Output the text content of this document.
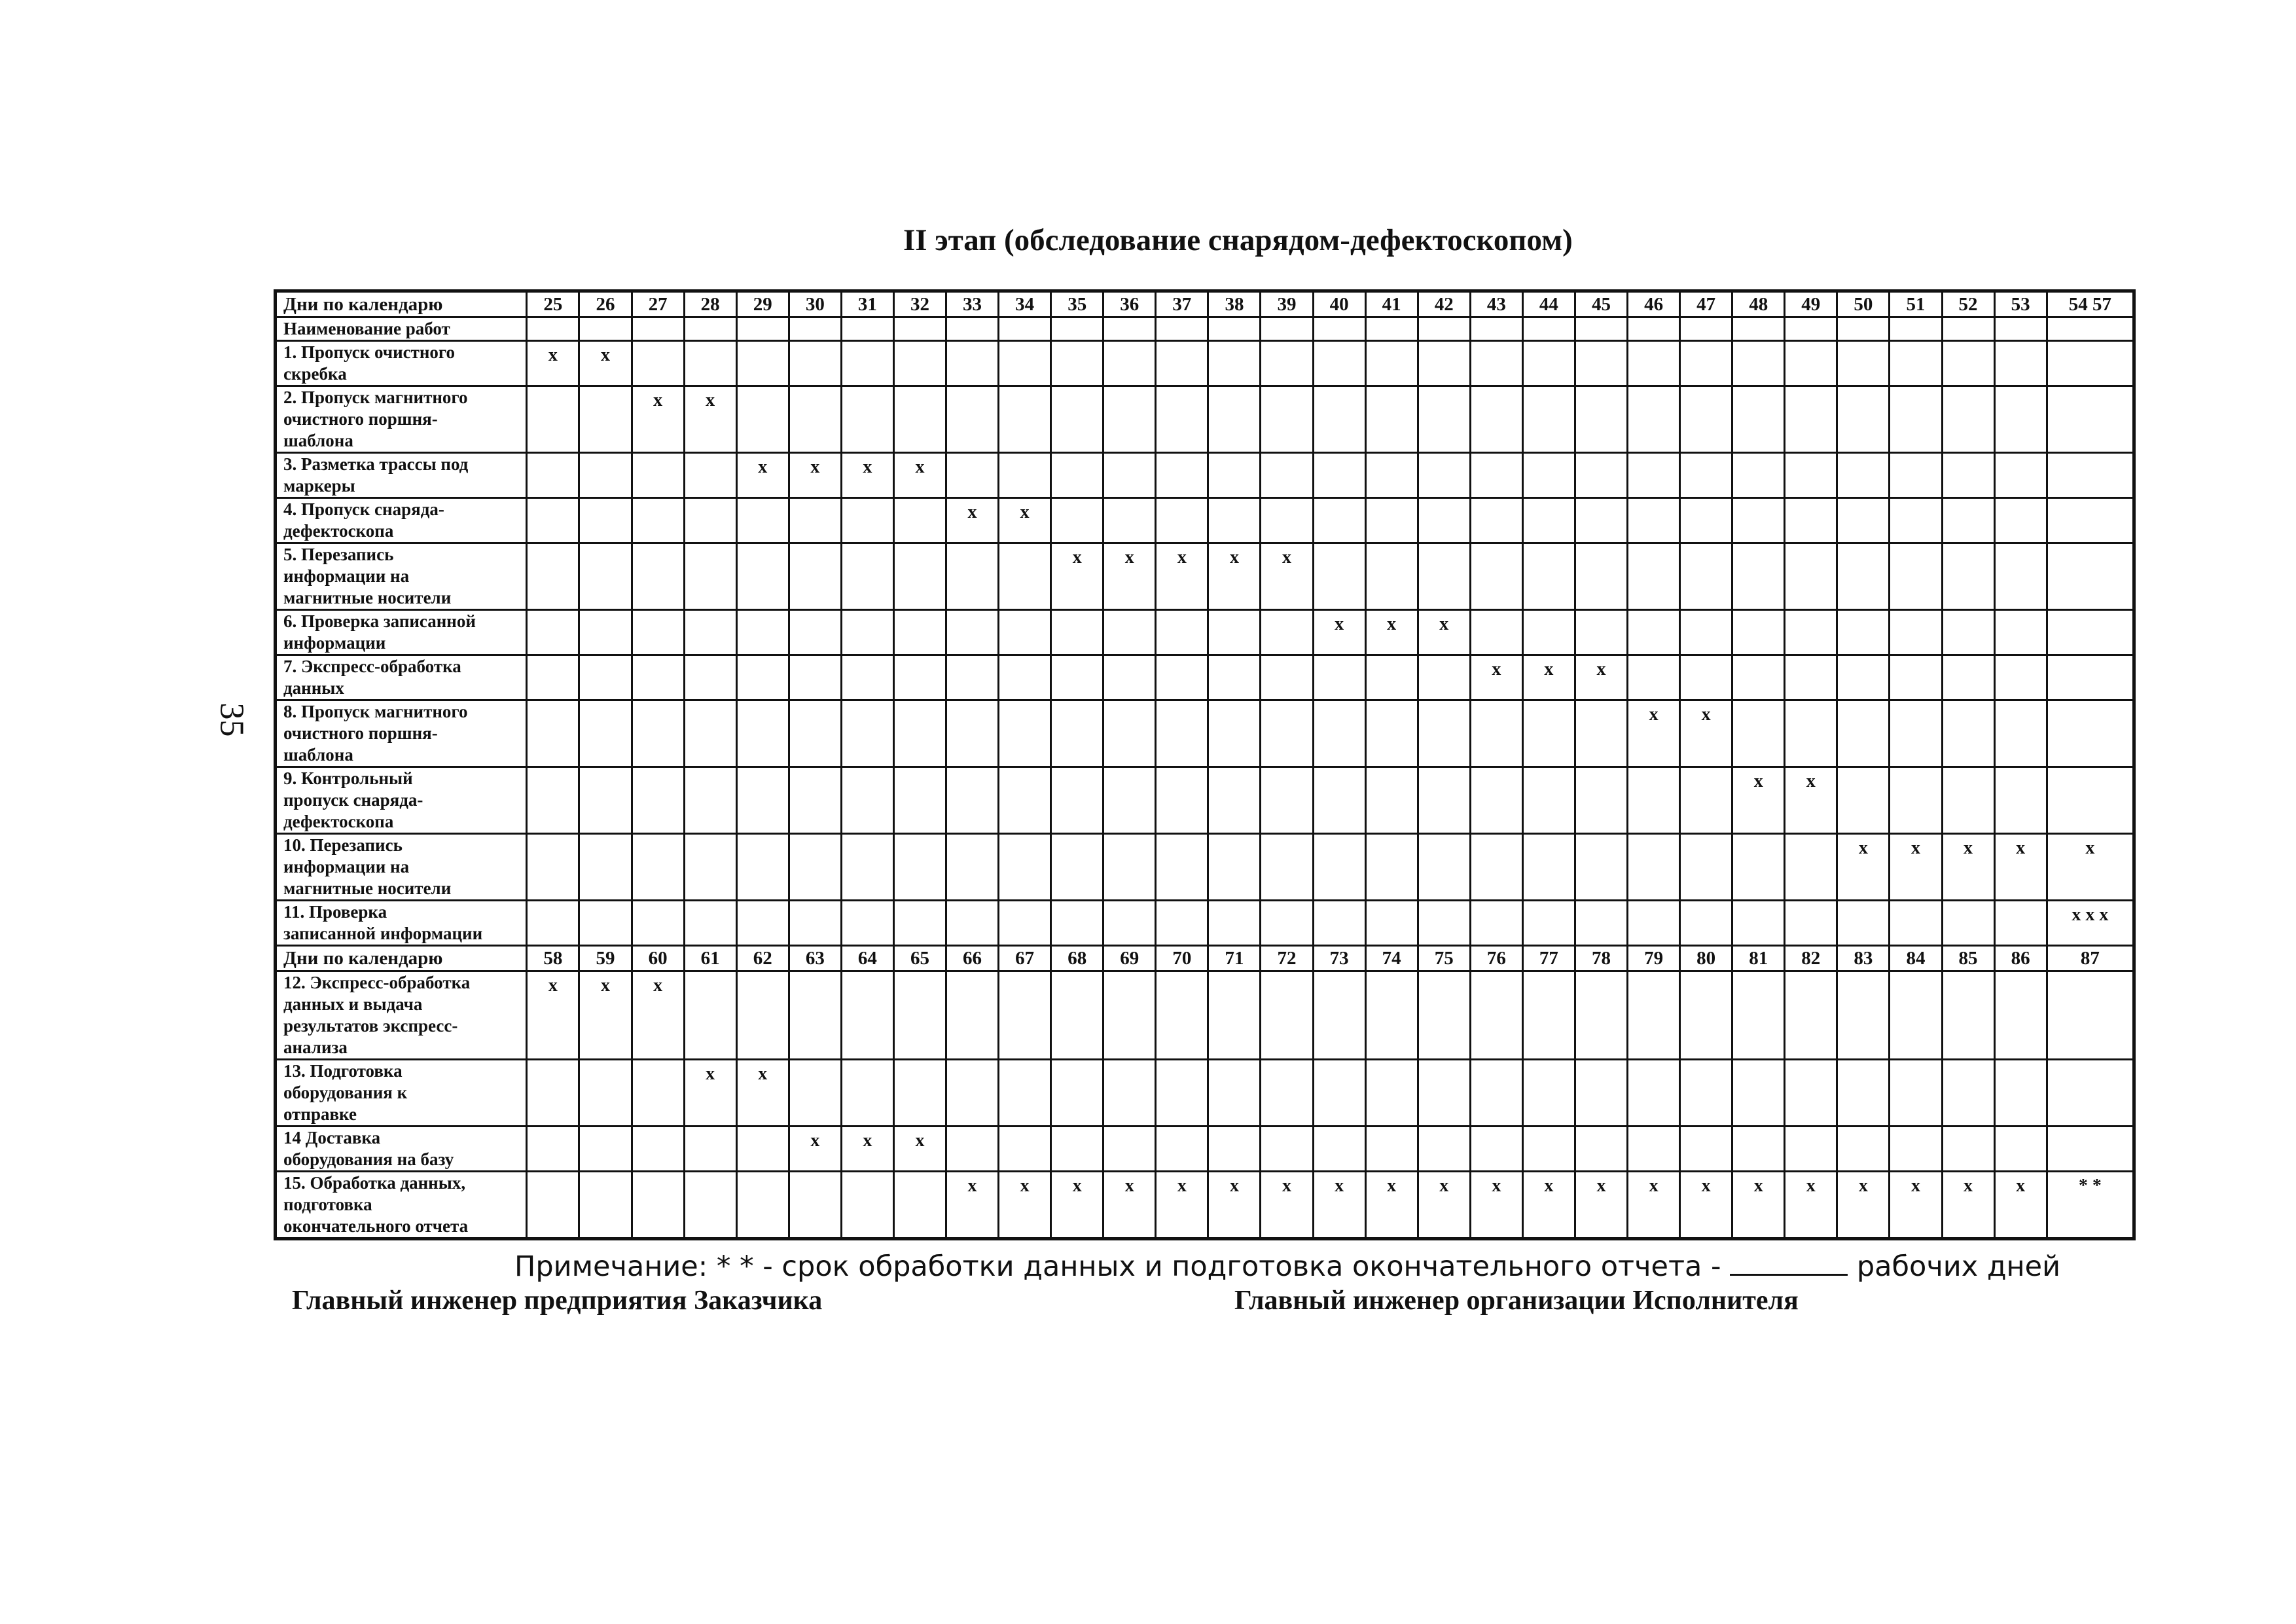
35
II этап (обследование снарядом-дефектоскопом)
Дни по календарю	25	26	27	28	29	30	31	32	33	34	35	36	37	38	39	40	41	42	43	44	45	46	47	48	49	50	51	52	53	54 57
Наименование работ																														

1. Пропуск очистного
скребка	x	x																												

2. Пропуск магнитного
очистного поршня-
шаблона			x	x																										

3. Разметка трассы под
маркеры					x	x	x	x																						

4. Пропуск снаряда-
дефектоскопа									x	x																				

5. Перезапись
информации на
магнитные носители											x	x	x	x	x															

6. Проверка записанной
информации																x	x	x												

7. Экспресс-обработка
данных																			x	x	x									

8. Пропуск магнитного
очистного поршня-
шаблона																						x	x							

9. Контрольный
пропуск снаряда-
дефектоскопа																								x	x					

10. Перезапись
информации на
магнитные носители																										x	x	x	x	x

11. Проверка
записанной информации																														x x x
Дни по календарю	58	59	60	61	62	63	64	65	66	67	68	69	70	71	72	73	74	75	76	77	78	79	80	81	82	83	84	85	86	87

12. Экспресс-обработка
данных и выдача
результатов экспресс-
анализа	x	x	x																											

13. Подготовка
оборудования к
отправке				x	x																									

14 Доставка
оборудования на базу						x	x	x																						

15. Обработка данных,
подготовка
окончательного отчета									x	x	x	x	x	x	x	x	x	x	x	x	x	x	x	x	x	x	x	x	x	* *
Примечание: * * - срок обработки данных и подготовка окончательного отчета -	рабочих дней
Главный инженер предприятия Заказчика	Главный инженер организации Исполнителя
